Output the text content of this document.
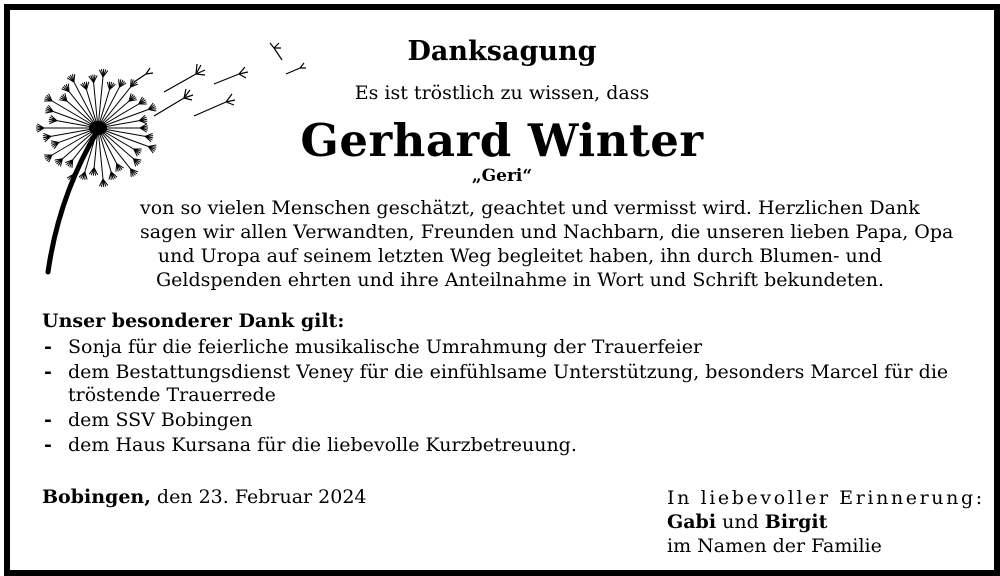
Danksagung
Es ist tröstlich zu wissen, dass
Gerhard Winter
„Geri“
von so vielen Menschen geschätzt, geachtet und vermisst wird. Herzlichen Dank
sagen wir allen Verwandten, Freunden und Nachbarn, die unseren lieben Papa, Opa
und Uropa auf seinem letzten Weg begleitet haben, ihn durch Blumen- und
Geldspenden ehrten und ihre Anteilnahme in Wort und Schrift bekundeten.
Unser besonderer Dank gilt:
- Sonja für die feierliche musikalische Umrahmung der Trauerfeier
- dem Bestattungsdienst Veney für die einfühlsame Unterstützung, besonders Marcel für die tröstende Trauerrede
- dem SSV Bobingen
- dem Haus Kursana für die liebevolle Kurzbetreuung.
Bobingen, den 23. Februar 2024	In liebevoller Erinnerung:
Gabi und Birgit
im Namen der Familie
